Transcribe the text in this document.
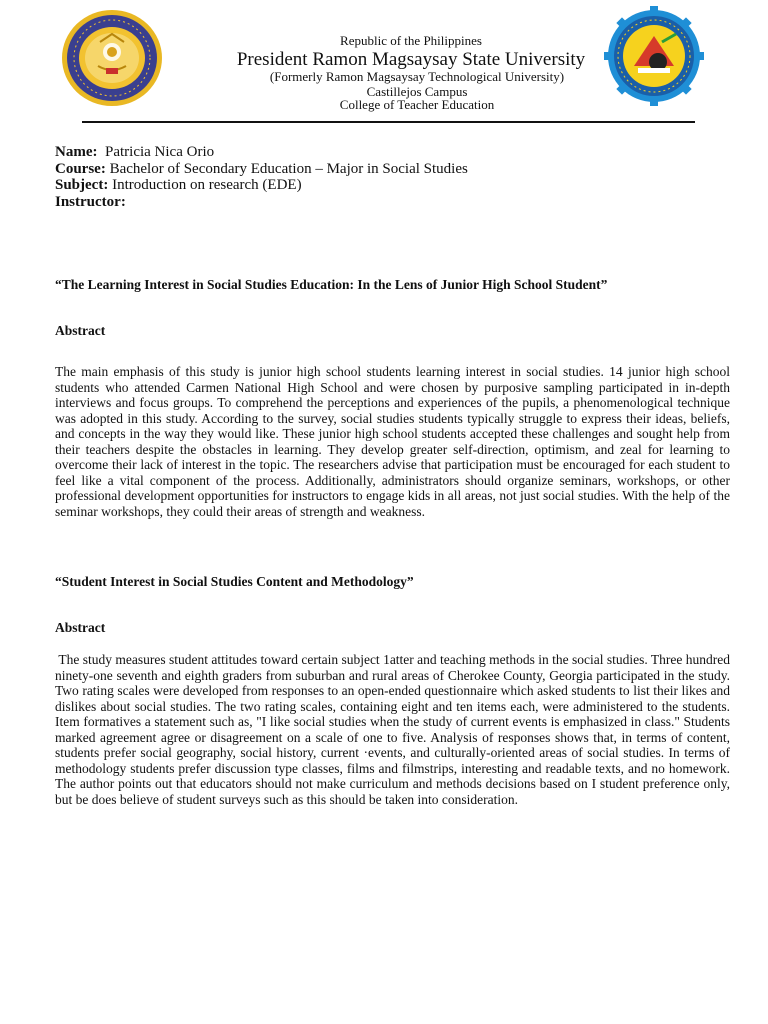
Republic of the Philippines
President Ramon Magsaysay State University
(Formerly Ramon Magsaysay Technological University)
Castillejos Campus
College of Teacher Education
Name: Patricia Nica Orio
Course: Bachelor of Secondary Education – Major in Social Studies
Subject: Introduction on research (EDE)
Instructor:
“The Learning Interest in Social Studies Education: In the Lens of Junior High School Student”
Abstract
The main emphasis of this study is junior high school students learning interest in social studies. 14 junior high school students who attended Carmen National High School and were chosen by purposive sampling participated in in-depth interviews and focus groups. To comprehend the perceptions and experiences of the pupils, a phenomenological technique was adopted in this study. According to the survey, social studies students typically struggle to express their ideas, beliefs, and concepts in the way they would like. These junior high school students accepted these challenges and sought help from their teachers despite the obstacles in learning. They develop greater self-direction, optimism, and zeal for learning to overcome their lack of interest in the topic. The researchers advise that participation must be encouraged for each student to feel like a vital component of the process. Additionally, administrators should organize seminars, workshops, or other professional development opportunities for instructors to engage kids in all areas, not just social studies. With the help of the seminar workshops, they could their areas of strength and weakness.
“Student Interest in Social Studies Content and Methodology”
Abstract
The study measures student attitudes toward certain subject 1atter and teaching methods in the social studies. Three hundred ninety-one seventh and eighth graders from suburban and rural areas of Cherokee County, Georgia participated in the study. Two rating scales were developed from responses to an open-ended questionnaire which asked students to list their likes and dislikes about social studies. The two rating scales, containing eight and ten items each, were administered to the students. Item formatives a statement such as, "I like social studies when the study of current events is emphasized in class." Students marked agreement agree or disagreement on a scale of one to five. Analysis of responses shows that, in terms of content, students prefer social geography, social history, current ·events, and culturally-oriented areas of social studies. In terms of methodology students prefer discussion type classes, films and filmstrips, interesting and readable texts, and no homework. The author points out that educators should not make curriculum and methods decisions based on I student preference only, but be does believe of student surveys such as this should be taken into consideration.
